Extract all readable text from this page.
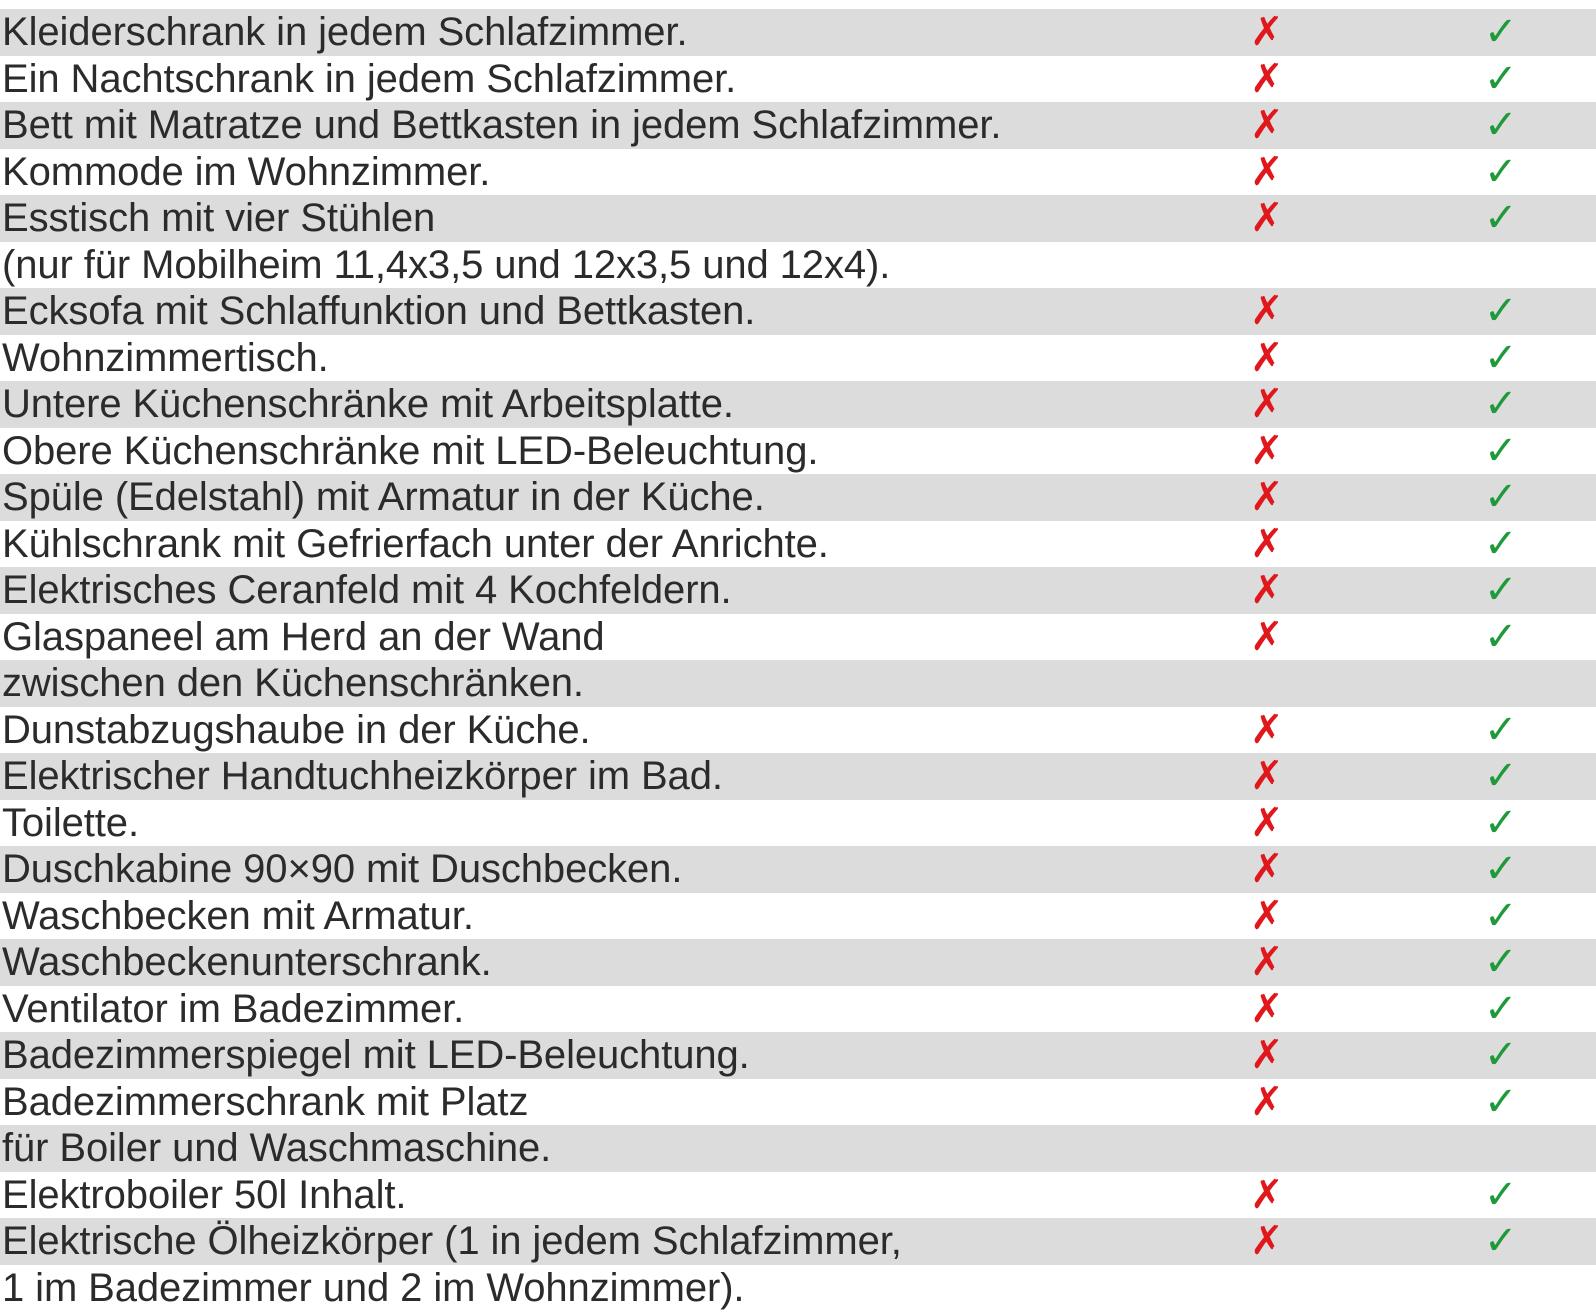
Kleiderschrank in jedem Schlafzimmer.	✗	✓
Ein Nachtschrank in jedem Schlafzimmer.	✗	✓
Bett mit Matratze und Bettkasten in jedem Schlafzimmer.	✗	✓
Kommode im Wohnzimmer.	✗	✓
Esstisch mit vier Stühlen	✗	✓
(nur für Mobilheim 11,4x3,5 und 12x3,5 und 12x4).
Ecksofa mit Schlaffunktion und Bettkasten.	✗	✓
Wohnzimmertisch.	✗	✓
Untere Küchenschränke mit Arbeitsplatte.	✗	✓
Obere Küchenschränke mit LED-Beleuchtung.	✗	✓
Spüle (Edelstahl) mit Armatur in der Küche.	✗	✓
Kühlschrank mit Gefrierfach unter der Anrichte.	✗	✓
Elektrisches Ceranfeld mit 4 Kochfeldern.	✗	✓
Glaspaneel am Herd an der Wand	✗	✓
zwischen den Küchenschränken.
Dunstabzugshaube in der Küche.	✗	✓
Elektrischer Handtuchheizkörper im Bad.	✗	✓
Toilette.	✗	✓
Duschkabine 90×90 mit Duschbecken.	✗	✓
Waschbecken mit Armatur.	✗	✓
Waschbeckenunterschrank.	✗	✓
Ventilator im Badezimmer.	✗	✓
Badezimmerspiegel mit LED-Beleuchtung.	✗	✓
Badezimmerschrank mit Platz	✗	✓
für Boiler und Waschmaschine.
Elektroboiler 50l Inhalt.	✗	✓
Elektrische Ölheizkörper (1 in jedem Schlafzimmer,	✗	✓
1 im Badezimmer und 2 im Wohnzimmer).
